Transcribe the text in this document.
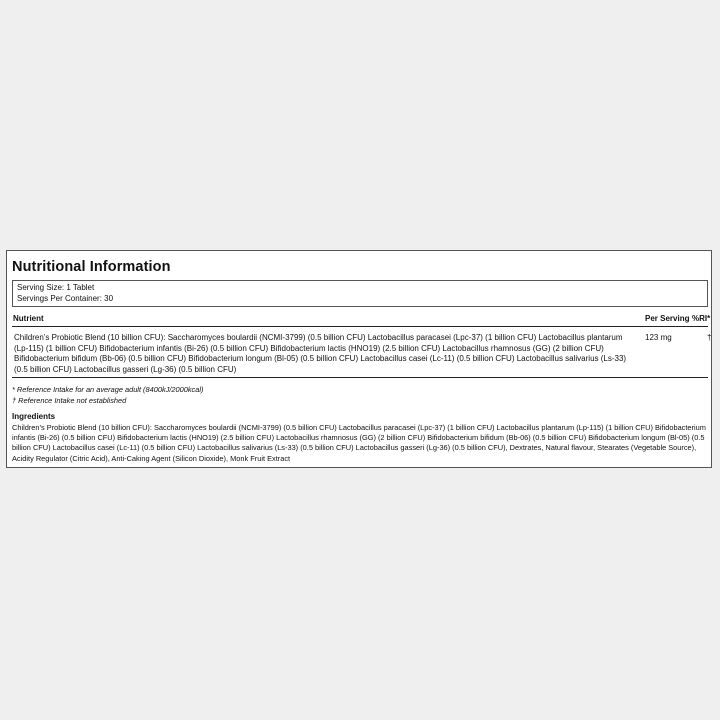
Nutritional Information
Serving Size: 1 Tablet
Servings Per Container: 30
Nutrient	Per Serving %RI*
Children’s Probiotic Blend (10 billion CFU): Saccharomyces boulardii (NCMI-3799) (0.5 billion CFU) Lactobacillus paracasei (Lpc-37) (1 billion CFU) Lactobacillus plantarum (Lp-115) (1 billion CFU) Bifidobacterium infantis (Bi-26) (0.5 billion CFU) Bifidobacterium lactis (HNO19) (2.5 billion CFU) Lactobacillus rhamnosus (GG) (2 billion CFU) Bifidobacterium bifidum (Bb-06) (0.5 billion CFU) Bifidobacterium longum (Bl-05) (0.5 billion CFU) Lactobacillus casei (Lc-11) (0.5 billion CFU) Lactobacillus salivarius (Ls-33) (0.5 billion CFU) Lactobacillus gasseri (Lg-36) (0.5 billion CFU)
123 mg	†
* Reference Intake for an average adult (8400kJ/2000kcal)
† Reference Intake not established
Ingredients
Children’s Probiotic Blend (10 billion CFU): Saccharomyces boulardii (NCMI-3799) (0.5 billion CFU) Lactobacillus paracasei (Lpc-37) (1 billion CFU) Lactobacillus plantarum (Lp-115) (1 billion CFU) Bifidobacterium infantis (Bi-26) (0.5 billion CFU) Bifidobacterium lactis (HNO19) (2.5 billion CFU) Lactobacillus rhamnosus (GG) (2 billion CFU) Bifidobacterium bifidum (Bb-06) (0.5 billion CFU) Bifidobacterium longum (Bl-05) (0.5 billion CFU) Lactobacillus casei (Lc-11) (0.5 billion CFU) Lactobacillus salivarius (Ls-33) (0.5 billion CFU) Lactobacillus gasseri (Lg-36) (0.5 billion CFU), Dextrates, Natural flavour, Stearates (Vegetable Source), Acidity Regulator (Citric Acid), Anti-Caking Agent (Silicon Dioxide), Monk Fruit Extract
